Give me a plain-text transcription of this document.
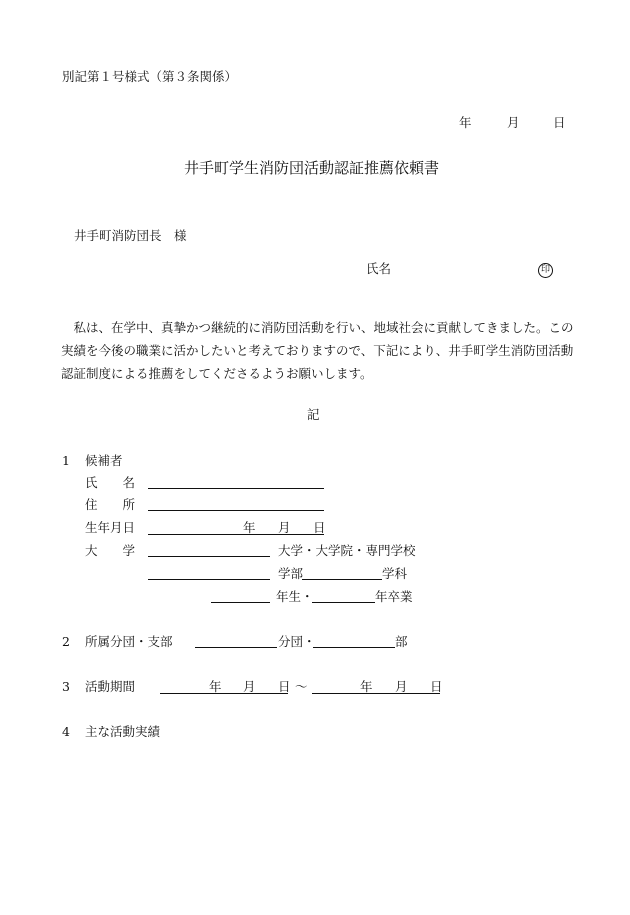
別記第１号様式（第３条関係）
年	月	日
井手町学生消防団活動認証推薦依頼書
井手町消防団長　様
氏名	印
私は、在学中、真摯かつ継続的に消防団活動を行い、地域社会に貢献してきました。この実績を今後の職業に活かしたいと考えておりますので、下記により、井手町学生消防団活動認証制度による推薦をしてくださるようお願いします。
記
1 候補者
氏　　名
住　　所
生年月日	年 月 日
大　　学	大学・大学院・専門学校
学部	学科
年生・	年卒業
2 所属分団・支部	分団・	部
3 活動期間	年 月 日 ～	年 月 日
4 主な活動実績
